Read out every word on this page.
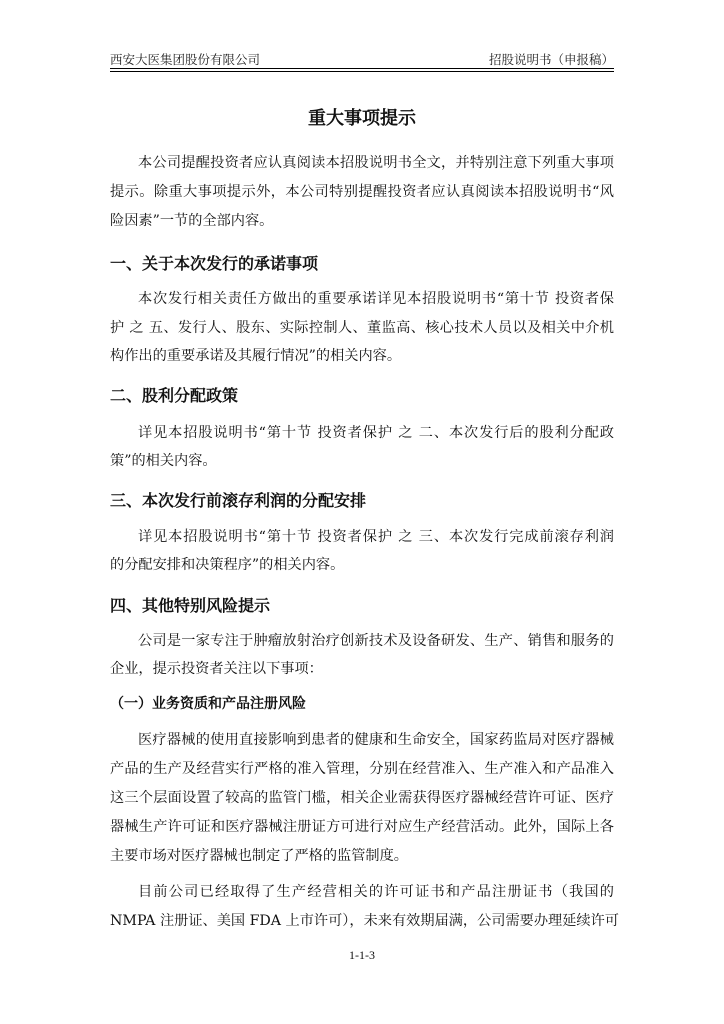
西安大医集团股份有限公司	招股说明书（申报稿）
重大事项提示
本公司提醒投资者应认真阅读本招股说明书全文，并特别注意下列重大事项
提示。除重大事项提示外，本公司特别提醒投资者应认真阅读本招股说明书“风
险因素”一节的全部内容。
一、关于本次发行的承诺事项
本次发行相关责任方做出的重要承诺详见本招股说明书“第十节 投资者保
护 之 五、发行人、股东、实际控制人、董监高、核心技术人员以及相关中介机
构作出的重要承诺及其履行情况”的相关内容。
二、股利分配政策
详见本招股说明书“第十节 投资者保护 之 二、本次发行后的股利分配政
策”的相关内容。
三、本次发行前滚存利润的分配安排
详见本招股说明书“第十节 投资者保护 之 三、本次发行完成前滚存利润
的分配安排和决策程序”的相关内容。
四、其他特别风险提示
公司是一家专注于肿瘤放射治疗创新技术及设备研发、生产、销售和服务的
企业，提示投资者关注以下事项：
（一）业务资质和产品注册风险
医疗器械的使用直接影响到患者的健康和生命安全，国家药监局对医疗器械
产品的生产及经营实行严格的准入管理，分别在经营准入、生产准入和产品准入
这三个层面设置了较高的监管门槛，相关企业需获得医疗器械经营许可证、医疗
器械生产许可证和医疗器械注册证方可进行对应生产经营活动。此外，国际上各
主要市场对医疗器械也制定了严格的监管制度。
目前公司已经取得了生产经营相关的许可证书和产品注册证书（我国的
NMPA 注册证、美国 FDA 上市许可），未来有效期届满，公司需要办理延续许可
1-1-3
